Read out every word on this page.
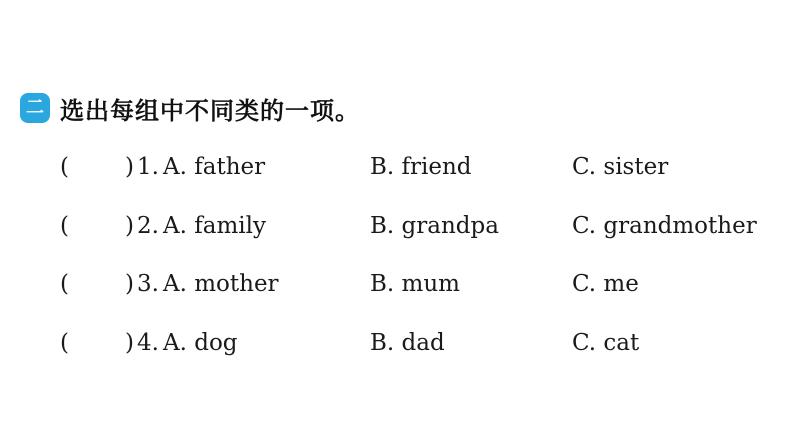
二 选出每组中不同类的一项。
( ) 1. A. father	B. friend	C. sister
( ) 2. A. family	B. grandpa	C. grandmother
( ) 3. A. mother	B. mum	C. me
( ) 4. A. dog	B. dad	C. cat
